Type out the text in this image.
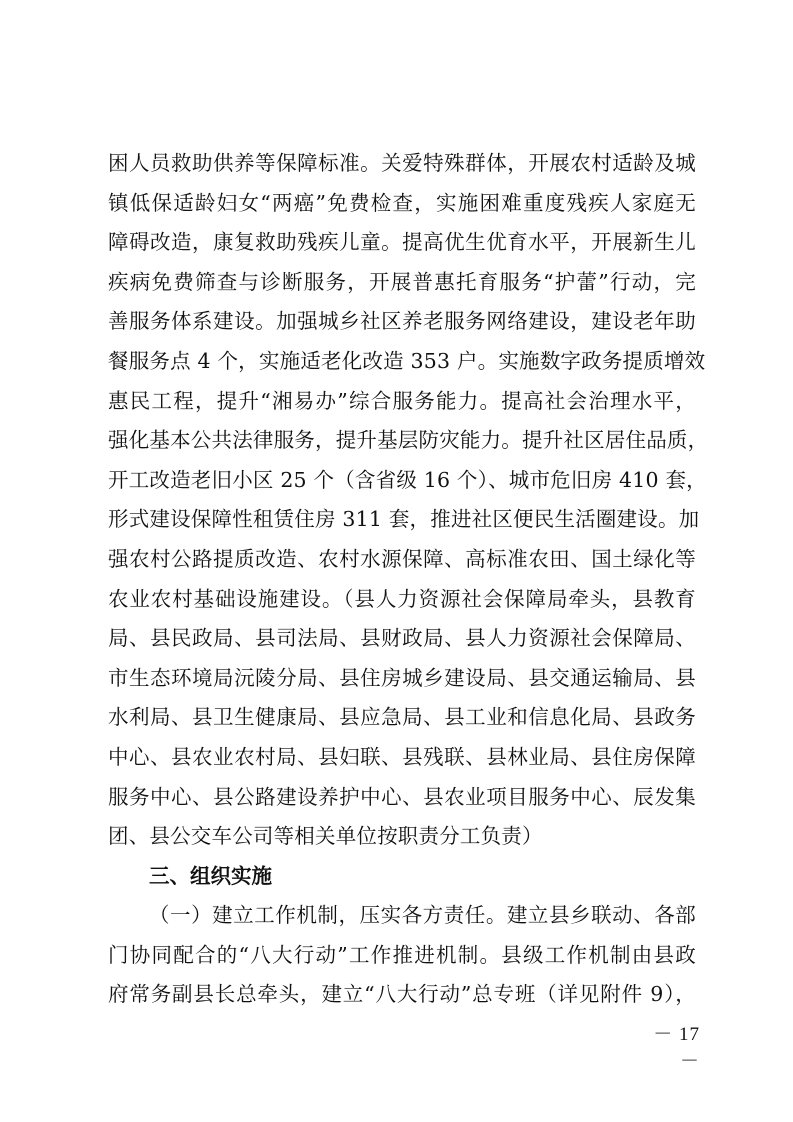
困人员救助供养等保障标准。关爱特殊群体，开展农村适龄及城
镇低保适龄妇女“两癌”免费检查，实施困难重度残疾人家庭无
障碍改造，康复救助残疾儿童。提高优生优育水平，开展新生儿
疾病免费筛查与诊断服务，开展普惠托育服务“护蕾”行动，完
善服务体系建设。加强城乡社区养老服务网络建设，建设老年助
餐服务点 4 个，实施适老化改造 353 户。实施数字政务提质增效
惠民工程，提升“湘易办”综合服务能力。提高社会治理水平，
强化基本公共法律服务，提升基层防灾能力。提升社区居住品质，
开工改造老旧小区 25 个（含省级 16 个）、城市危旧房 410 套，
形式建设保障性租赁住房 311 套，推进社区便民生活圈建设。加
强农村公路提质改造、农村水源保障、高标准农田、国土绿化等
农业农村基础设施建设。（县人力资源社会保障局牵头，县教育
局、县民政局、县司法局、县财政局、县人力资源社会保障局、
市生态环境局沅陵分局、县住房城乡建设局、县交通运输局、县
水利局、县卫生健康局、县应急局、县工业和信息化局、县政务
中心、县农业农村局、县妇联、县残联、县林业局、县住房保障
服务中心、县公路建设养护中心、县农业项目服务中心、辰发集
团、县公交车公司等相关单位按职责分工负责）
三、组织实施
（一）建立工作机制，压实各方责任。建立县乡联动、各部
门协同配合的“八大行动”工作推进机制。县级工作机制由县政
府常务副县长总牵头，建立“八大行动”总专班（详见附件 9），
－ 17 －
